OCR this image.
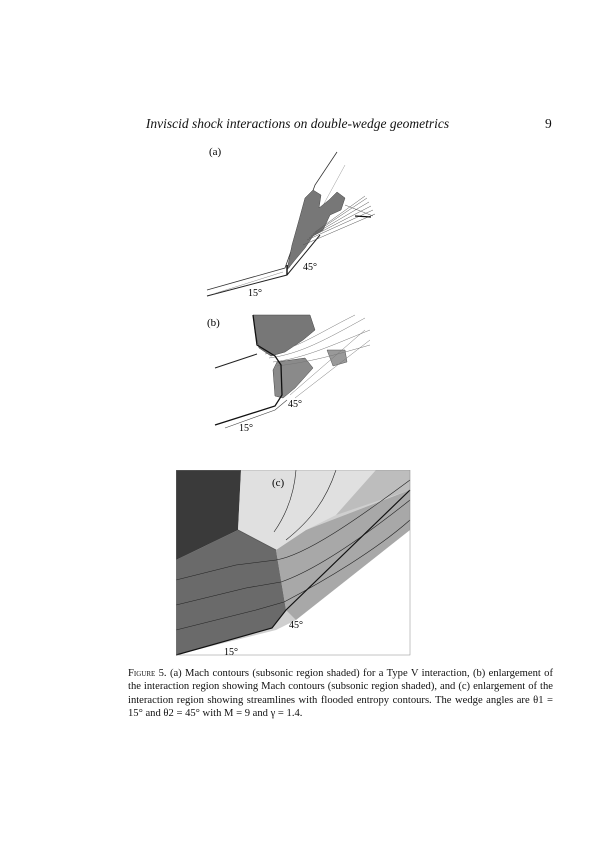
Inviscid shock interactions on double-wedge geometrics	9
(a)
45°
15°
(b)
45°
15°
(c)
45°
15°
Figure 5. (a) Mach contours (subsonic region shaded) for a Type V interaction, (b) enlargement of the interaction region showing Mach contours (subsonic region shaded), and (c) enlargement of the interaction region showing streamlines with flooded entropy contours. The wedge angles are θ1 = 15° and θ2 = 45° with M = 9 and γ = 1.4.
